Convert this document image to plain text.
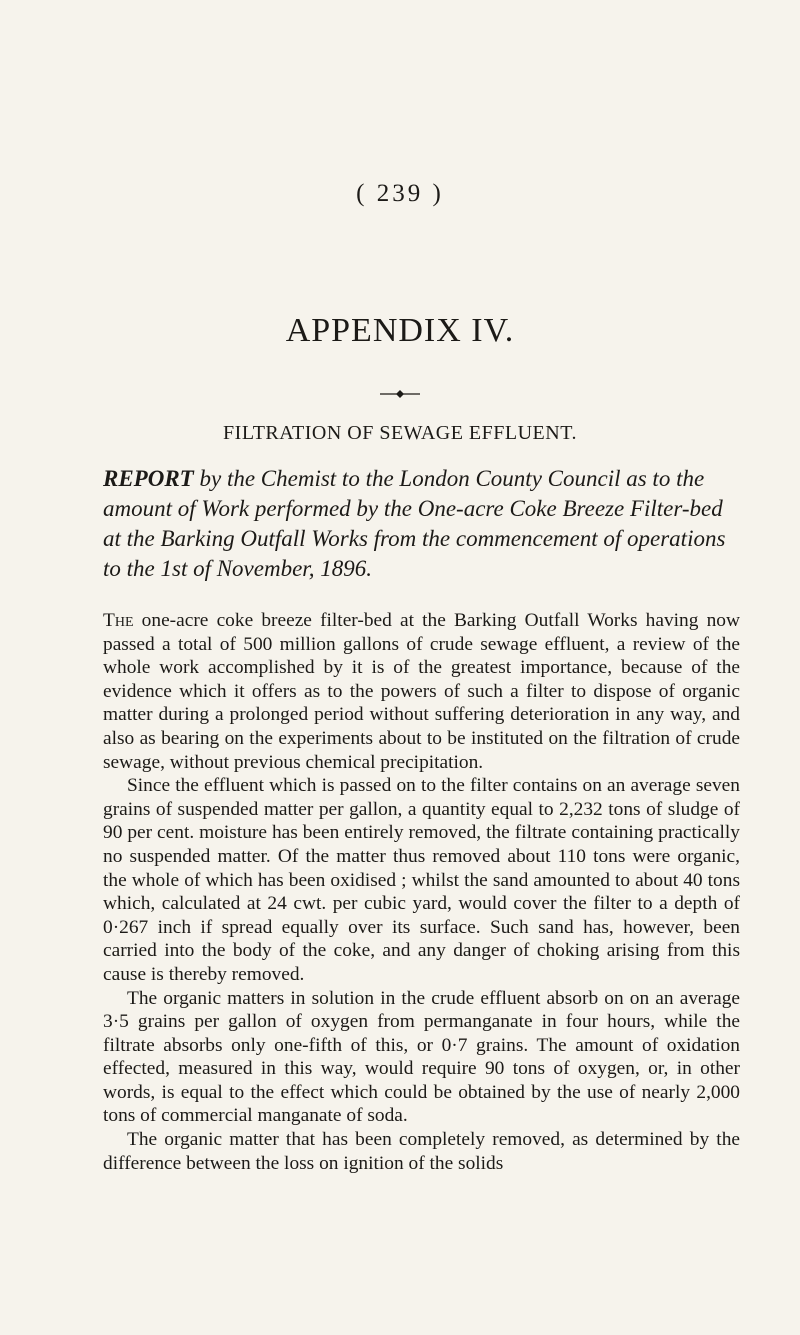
( 239 )

APPENDIX IV.
FILTRATION OF SEWAGE EFFLUENT.

REPORT by the Chemist to the London County Council as to the amount of Work performed by the One-acre Coke Breeze Filter-bed at the Barking Outfall Works from the commencement of operations to the 1st of November, 1896.

The one-acre coke breeze filter-bed at the Barking Outfall Works having now passed a total of 500 million gallons of crude sewage effluent, a review of the whole work accomplished by it is of the greatest importance, because of the evidence which it offers as to the powers of such a filter to dispose of organic matter during a prolonged period without suffering deterioration in any way, and also as bearing on the experiments about to be instituted on the filtration of crude sewage, without previous chemical precipitation.

Since the effluent which is passed on to the filter contains on an average seven grains of suspended matter per gallon, a quantity equal to 2,232 tons of sludge of 90 per cent. moisture has been entirely removed, the filtrate containing practically no suspended matter. Of the matter thus removed about 110 tons were organic, the whole of which has been oxidised ; whilst the sand amounted to about 40 tons which, calculated at 24 cwt. per cubic yard, would cover the filter to a depth of 0·267 inch if spread equally over its surface. Such sand has, however, been carried into the body of the coke, and any danger of choking arising from this cause is thereby removed.

The organic matters in solution in the crude effluent absorb on on an average 3·5 grains per gallon of oxygen from permanganate in four hours, while the filtrate absorbs only one-fifth of this, or 0·7 grains. The amount of oxidation effected, measured in this way, would require 90 tons of oxygen, or, in other words, is equal to the effect which could be obtained by the use of nearly 2,000 tons of commercial manganate of soda.

The organic matter that has been completely removed, as determined by the difference between the loss on ignition of the solids
